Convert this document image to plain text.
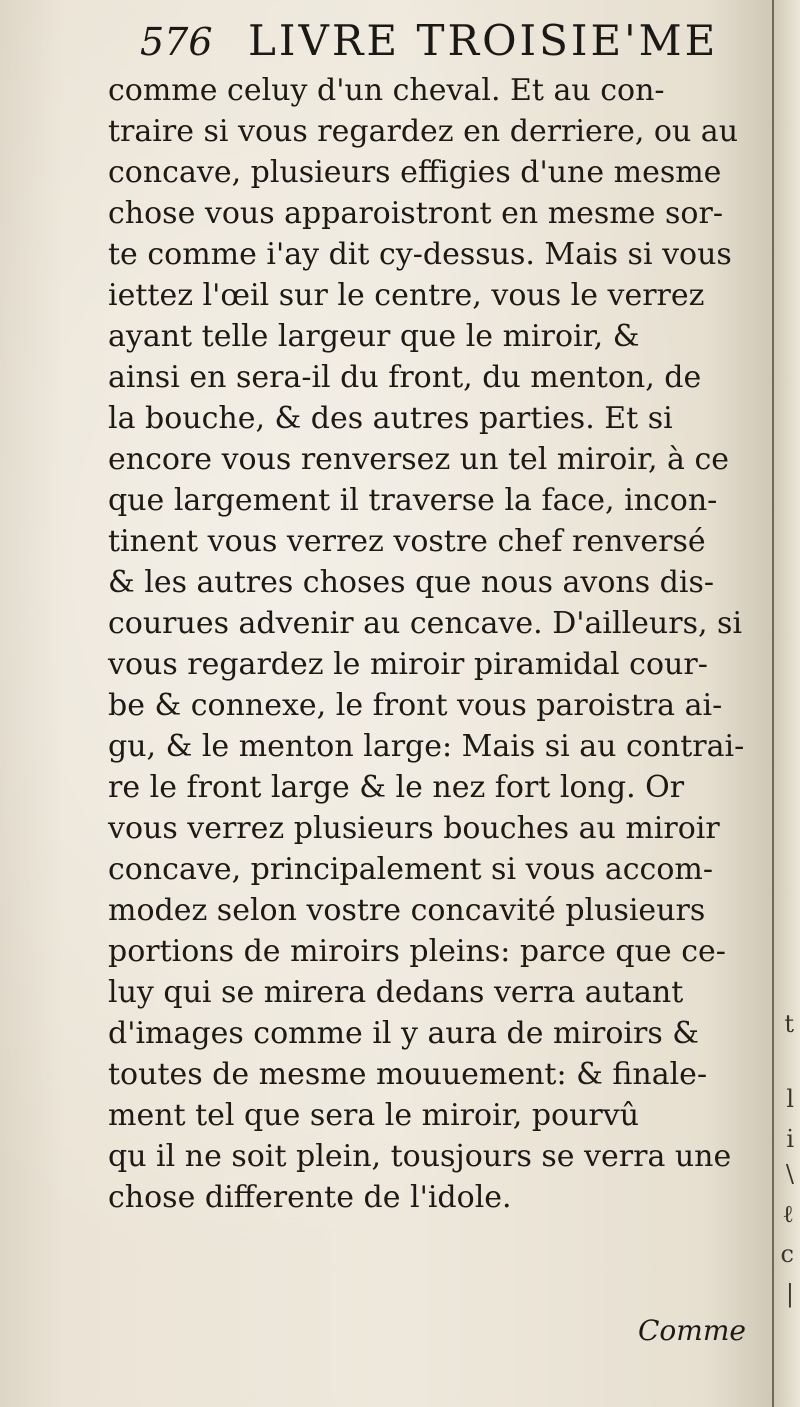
576 LIVRE TROISIE'ME
comme celuy d'un cheval. Et au con-
traire si vous regardez en derriere, ou au
concave, plusieurs effigies d'une mesme
chose vous apparoistront en mesme sor-
te comme i'ay dit cy-dessus. Mais si vous
iettez l'œil sur le centre, vous le verrez
ayant telle largeur que le miroir, &
ainsi en sera-il du front, du menton, de
la bouche, & des autres parties. Et si
encore vous renversez un tel miroir, à ce
que largement il traverse la face, incon-
tinent vous verrez vostre chef renversé
& les autres choses que nous avons dis-
courues advenir au cencave. D'ailleurs, si
vous regardez le miroir piramidal cour-
be & connexe, le front vous paroistra ai-
gu, & le menton large: Mais si au contrai-
re le front large & le nez fort long. Or
vous verrez plusieurs bouches au miroir
concave, principalement si vous accom-
modez selon vostre concavité plusieurs
portions de miroirs pleins: parce que ce-
luy qui se mirera dedans verra autant
d'images comme il y aura de miroirs &
toutes de mesme mouuement: & finale-
ment tel que sera le miroir, pourvû
qu il ne soit plein, tousjours se verra une
chose differente de l'idole.
Comme
t
l
i
\
ℓ
c
|
